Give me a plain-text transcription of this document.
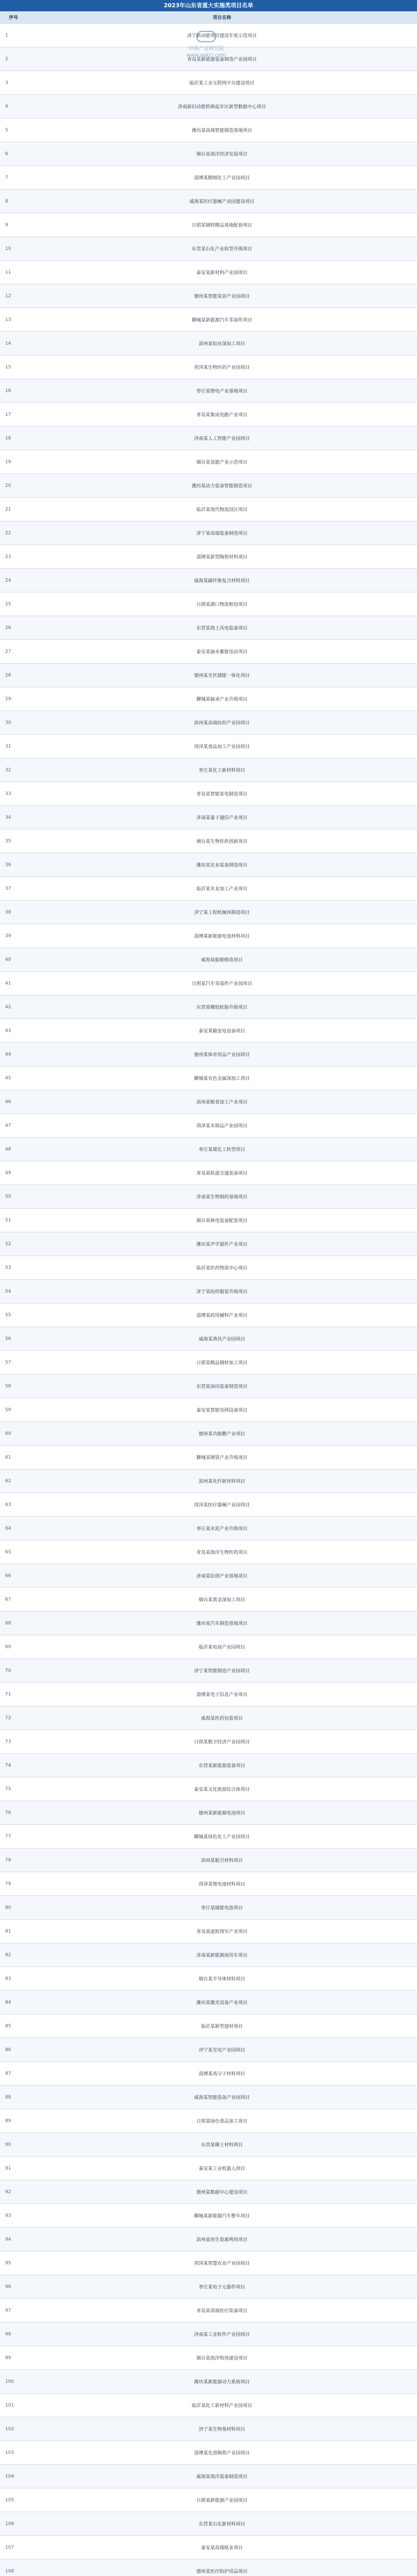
2023年山东省重大实施类项目名单
序号	项目名称
1	济宁新动能项目建设年度示范项目
2	青岛某新能源装备制造产业园项目
3	临沂某工业互联网平台建设项目
4	济南新旧动能转换起步区新型数据中心项目
5	潍坊某高端智能制造基地项目
6	烟台某海洋经济发展项目
7	淄博某精细化工产业园项目
8	威海某医疗器械产业园建设项目
9	日照某钢铁精品基地配套项目
10	东营某石化产业转型升级项目
11	泰安某新材料产业园项目
12	德州某智能家居产业园项目
13	聊城某新能源汽车零部件项目
14	滨州某铝业深加工项目
15	菏泽某生物医药产业园项目
16	枣庄某锂电产业基地项目
17	青岛某集成电路产业项目
18	济南某人工智能产业园项目
19	烟台某氢能产业示范项目
20	潍坊某动力装备智能制造项目
21	临沂某现代物流园区项目
22	济宁某高端装备制造项目
23	淄博某新型陶瓷材料项目
24	威海某碳纤维复合材料项目
25	日照某港口物流枢纽项目
26	东营某海上风电装备项目
27	泰安某抽水蓄能电站项目
28	德州某光伏储能一体化项目
29	聊城某轴承产业升级项目
30	滨州某高端纺织产业园项目
31	菏泽某食品加工产业园项目
32	枣庄某化工新材料项目
33	青岛某智能家电制造项目
34	济南某量子通信产业项目
35	烟台某生物医药创新项目
36	潍坊某农业装备制造项目
37	临沂某木业加工产业项目
38	济宁某工程机械再制造项目
39	淄博某新能源电池材料项目
40	威海某船舶修造项目
41	日照某汽车零部件产业园项目
42	东营某橡胶轮胎升级项目
43	泰安某输变电设备项目
44	德州某体育用品产业园项目
45	聊城某有色金属深加工项目
46	滨州某粮食加工产业项目
47	菏泽某木制品产业园项目
48	枣庄某煤化工转型项目
49	青岛某轨道交通装备项目
50	济南某生物制药基地项目
51	烟台某核电装备配套项目
52	潍坊某声学器件产业项目
53	临沂某医药物流中心项目
54	济宁某纺织服装升级项目
55	淄博某药用辅料产业项目
56	威海某渔具产业园项目
57	日照某精品钢材加工项目
58	东营某油田装备制造项目
59	泰安某智能电网设备项目
60	德州某功能糖产业项目
61	聊城某钢管产业升级项目
62	滨州某化纤新材料项目
63	菏泽某医疗器械产业园项目
64	枣庄某水泥产业升级项目
65	青岛某海洋生物医药项目
66	济南某信创产业基地项目
67	烟台某黄金深加工项目
68	潍坊某汽车制造基地项目
69	临沂某电商产业园项目
70	济宁某智能制造产业园项目
71	淄博某电子信息产业项目
72	威海某医药包装项目
73	日照某数字经济产业园项目
74	东营某新能源装备项目
75	泰安某文化旅游综合体项目
76	德州某新能源电池项目
77	聊城某绿色化工产业园项目
78	滨州某航空材料项目
79	菏泽某锂电池材料项目
80	枣庄某储能电池项目
81	青岛某虚拟现实产业项目
82	济南某新能源商用车项目
83	烟台某半导体材料项目
84	潍坊某激光设备产业项目
85	临沂某新型建材项目
86	济宁某光电产业园项目
87	淄博某高分子材料项目
88	威海某智能装备产业园项目
89	日照某绿色食品加工项目
90	东营某稀土材料项目
91	泰安某工业机器人项目
92	德州某数据中心建设项目
93	聊城某新能源汽车整车项目
94	滨州某再生资源利用项目
95	菏泽某智慧农业产业园项目
96	枣庄某电子元器件项目
97	青岛某高端医疗装备项目
98	济南某工业软件产业园项目
99	烟台某海洋牧场建设项目
100	潍坊某新能源动力系统项目
101	临沂某化工新材料产业园项目
102	济宁某生物基材料项目
103	淄博某先进陶瓷产业园项目
104	威海某海洋装备制造项目
105	日照某新能源产业园项目
106	东营某石化新材料项目
107	泰安某高端纸业项目
108	德州某医疗防护用品项目

中商产业研究院
www.askci.com
